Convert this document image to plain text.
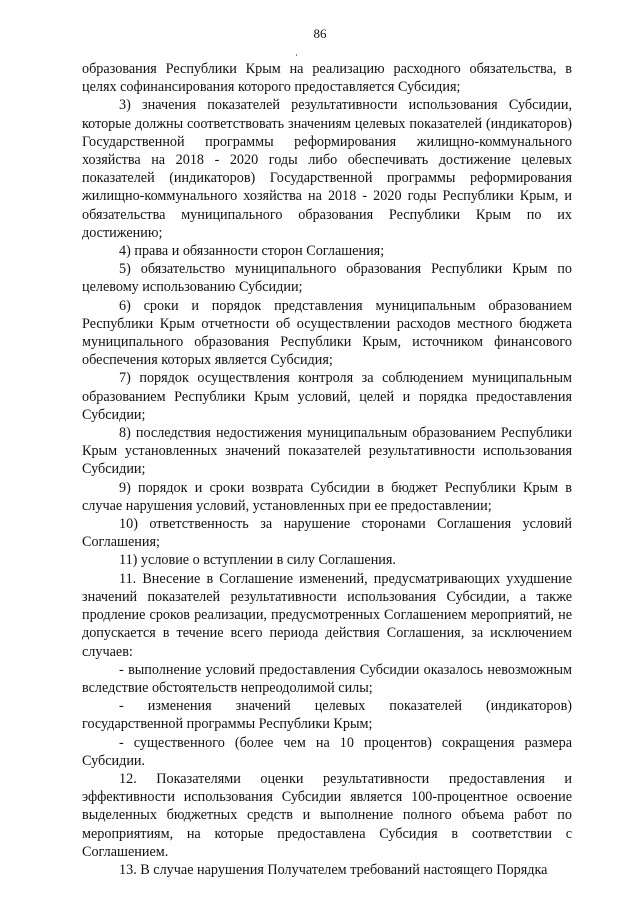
86

образования Республики Крым на реализацию расходного обязательства, в целях софинансирования которого предоставляется Субсидия;

3) значения показателей результативности использования Субсидии, которые должны соответствовать значениям целевых показателей (индикаторов) Государственной программы реформирования жилищно-коммунального хозяйства на 2018 - 2020 годы либо обеспечивать достижение целевых показателей (индикаторов) Государственной программы реформирования жилищно-коммунального хозяйства на 2018 - 2020 годы Республики Крым, и обязательства муниципального образования Республики Крым по их достижению;

4) права и обязанности сторон Соглашения;

5) обязательство муниципального образования Республики Крым по целевому использованию Субсидии;

6) сроки и порядок представления муниципальным образованием Республики Крым отчетности об осуществлении расходов местного бюджета муниципального образования Республики Крым, источником финансового обеспечения которых является Субсидия;

7) порядок осуществления контроля за соблюдением муниципальным образованием Республики Крым условий, целей и порядка предоставления Субсидии;

8) последствия недостижения муниципальным образованием Республики Крым установленных значений показателей результативности использования Субсидии;

9) порядок и сроки возврата Субсидии в бюджет Республики Крым в случае нарушения условий, установленных при ее предоставлении;

10) ответственность за нарушение сторонами Соглашения условий Соглашения;

11) условие о вступлении в силу Соглашения.

11. Внесение в Соглашение изменений, предусматривающих ухудшение значений показателей результативности использования Субсидии, а также продление сроков реализации, предусмотренных Соглашением мероприятий, не допускается в течение всего периода действия Соглашения, за исключением случаев:

- выполнение условий предоставления Субсидии оказалось невозможным вследствие обстоятельств непреодолимой силы;

- изменения значений целевых показателей (индикаторов) государственной программы Республики Крым;

- существенного (более чем на 10 процентов) сокращения размера Субсидии.

12. Показателями оценки результативности предоставления и эффективности использования Субсидии является 100-процентное освоение выделенных бюджетных средств и выполнение полного объема работ по мероприятиям, на которые предоставлена Субсидия в соответствии с Соглашением.

13. В случае нарушения Получателем требований настоящего Порядка
